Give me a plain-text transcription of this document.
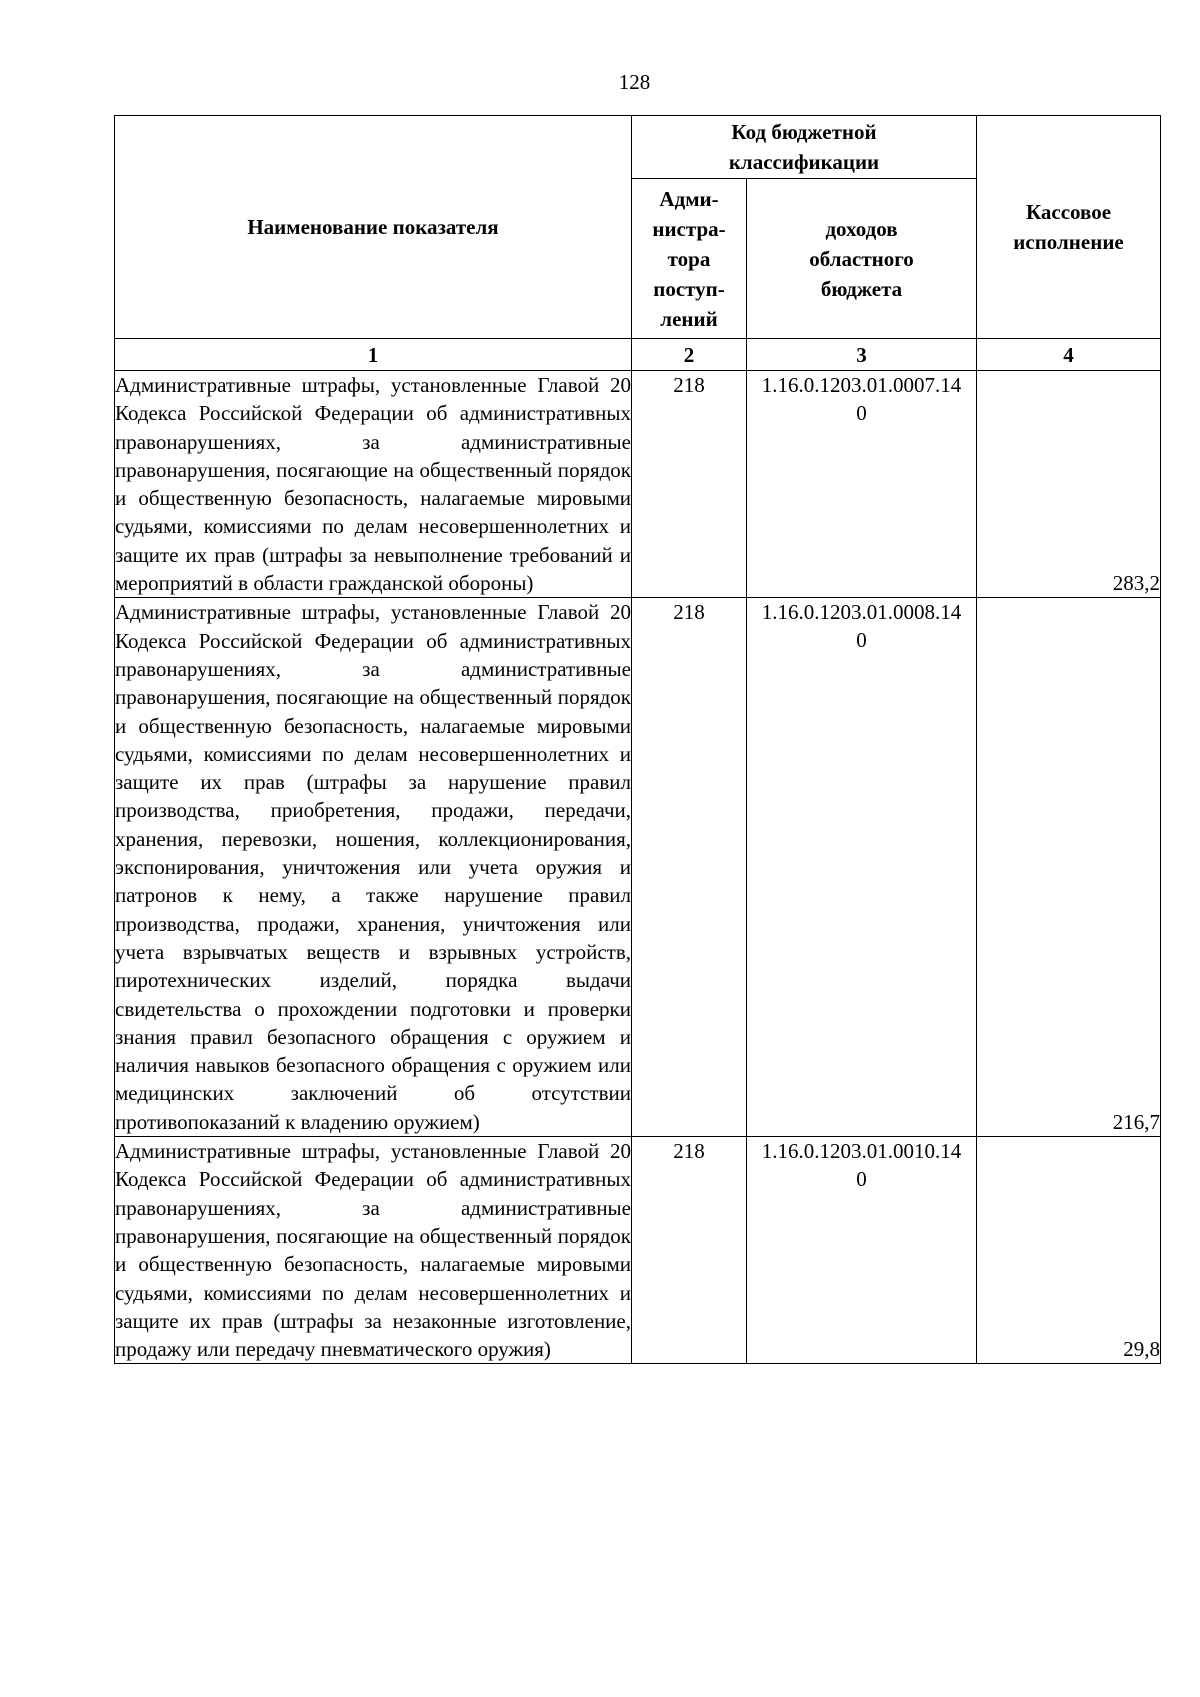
128
Наименование показателя	Код бюджетной классификации		Кассовое исполнение
	Адми-нистра-тора поступ-лений	доходов областного бюджета	
1	2	3	4
Административные штрафы, установленные Главой 20 Кодекса Российской Федерации об административных правонарушениях, за административные правонарушения, посягающие на общественный порядок и общественную безопасность, налагаемые мировыми судьями, комиссиями по делам несовершеннолетних и защите их прав (штрафы за невыполнение требований и мероприятий в области гражданской обороны)	218	1.16.0.1203.01.0007.140	283,2
Административные штрафы, установленные Главой 20 Кодекса Российской Федерации об административных правонарушениях, за административные правонарушения, посягающие на общественный порядок и общественную безопасность, налагаемые мировыми судьями, комиссиями по делам несовершеннолетних и защите их прав (штрафы за нарушение правил производства, приобретения, продажи, передачи, хранения, перевозки, ношения, коллекционирования, экспонирования, уничтожения или учета оружия и патронов к нему, а также нарушение правил производства, продажи, хранения, уничтожения или учета взрывчатых веществ и взрывных устройств, пиротехнических изделий, порядка выдачи свидетельства о прохождении подготовки и проверки знания правил безопасного обращения с оружием и наличия навыков безопасного обращения с оружием или медицинских заключений об отсутствии противопоказаний к владению оружием)	218	1.16.0.1203.01.0008.140	216,7
Административные штрафы, установленные Главой 20 Кодекса Российской Федерации об административных правонарушениях, за административные правонарушения, посягающие на общественный порядок и общественную безопасность, налагаемые мировыми судьями, комиссиями по делам несовершеннолетних и защите их прав (штрафы за незаконные изготовление, продажу или передачу пневматического оружия)	218	1.16.0.1203.01.0010.140	29,8
